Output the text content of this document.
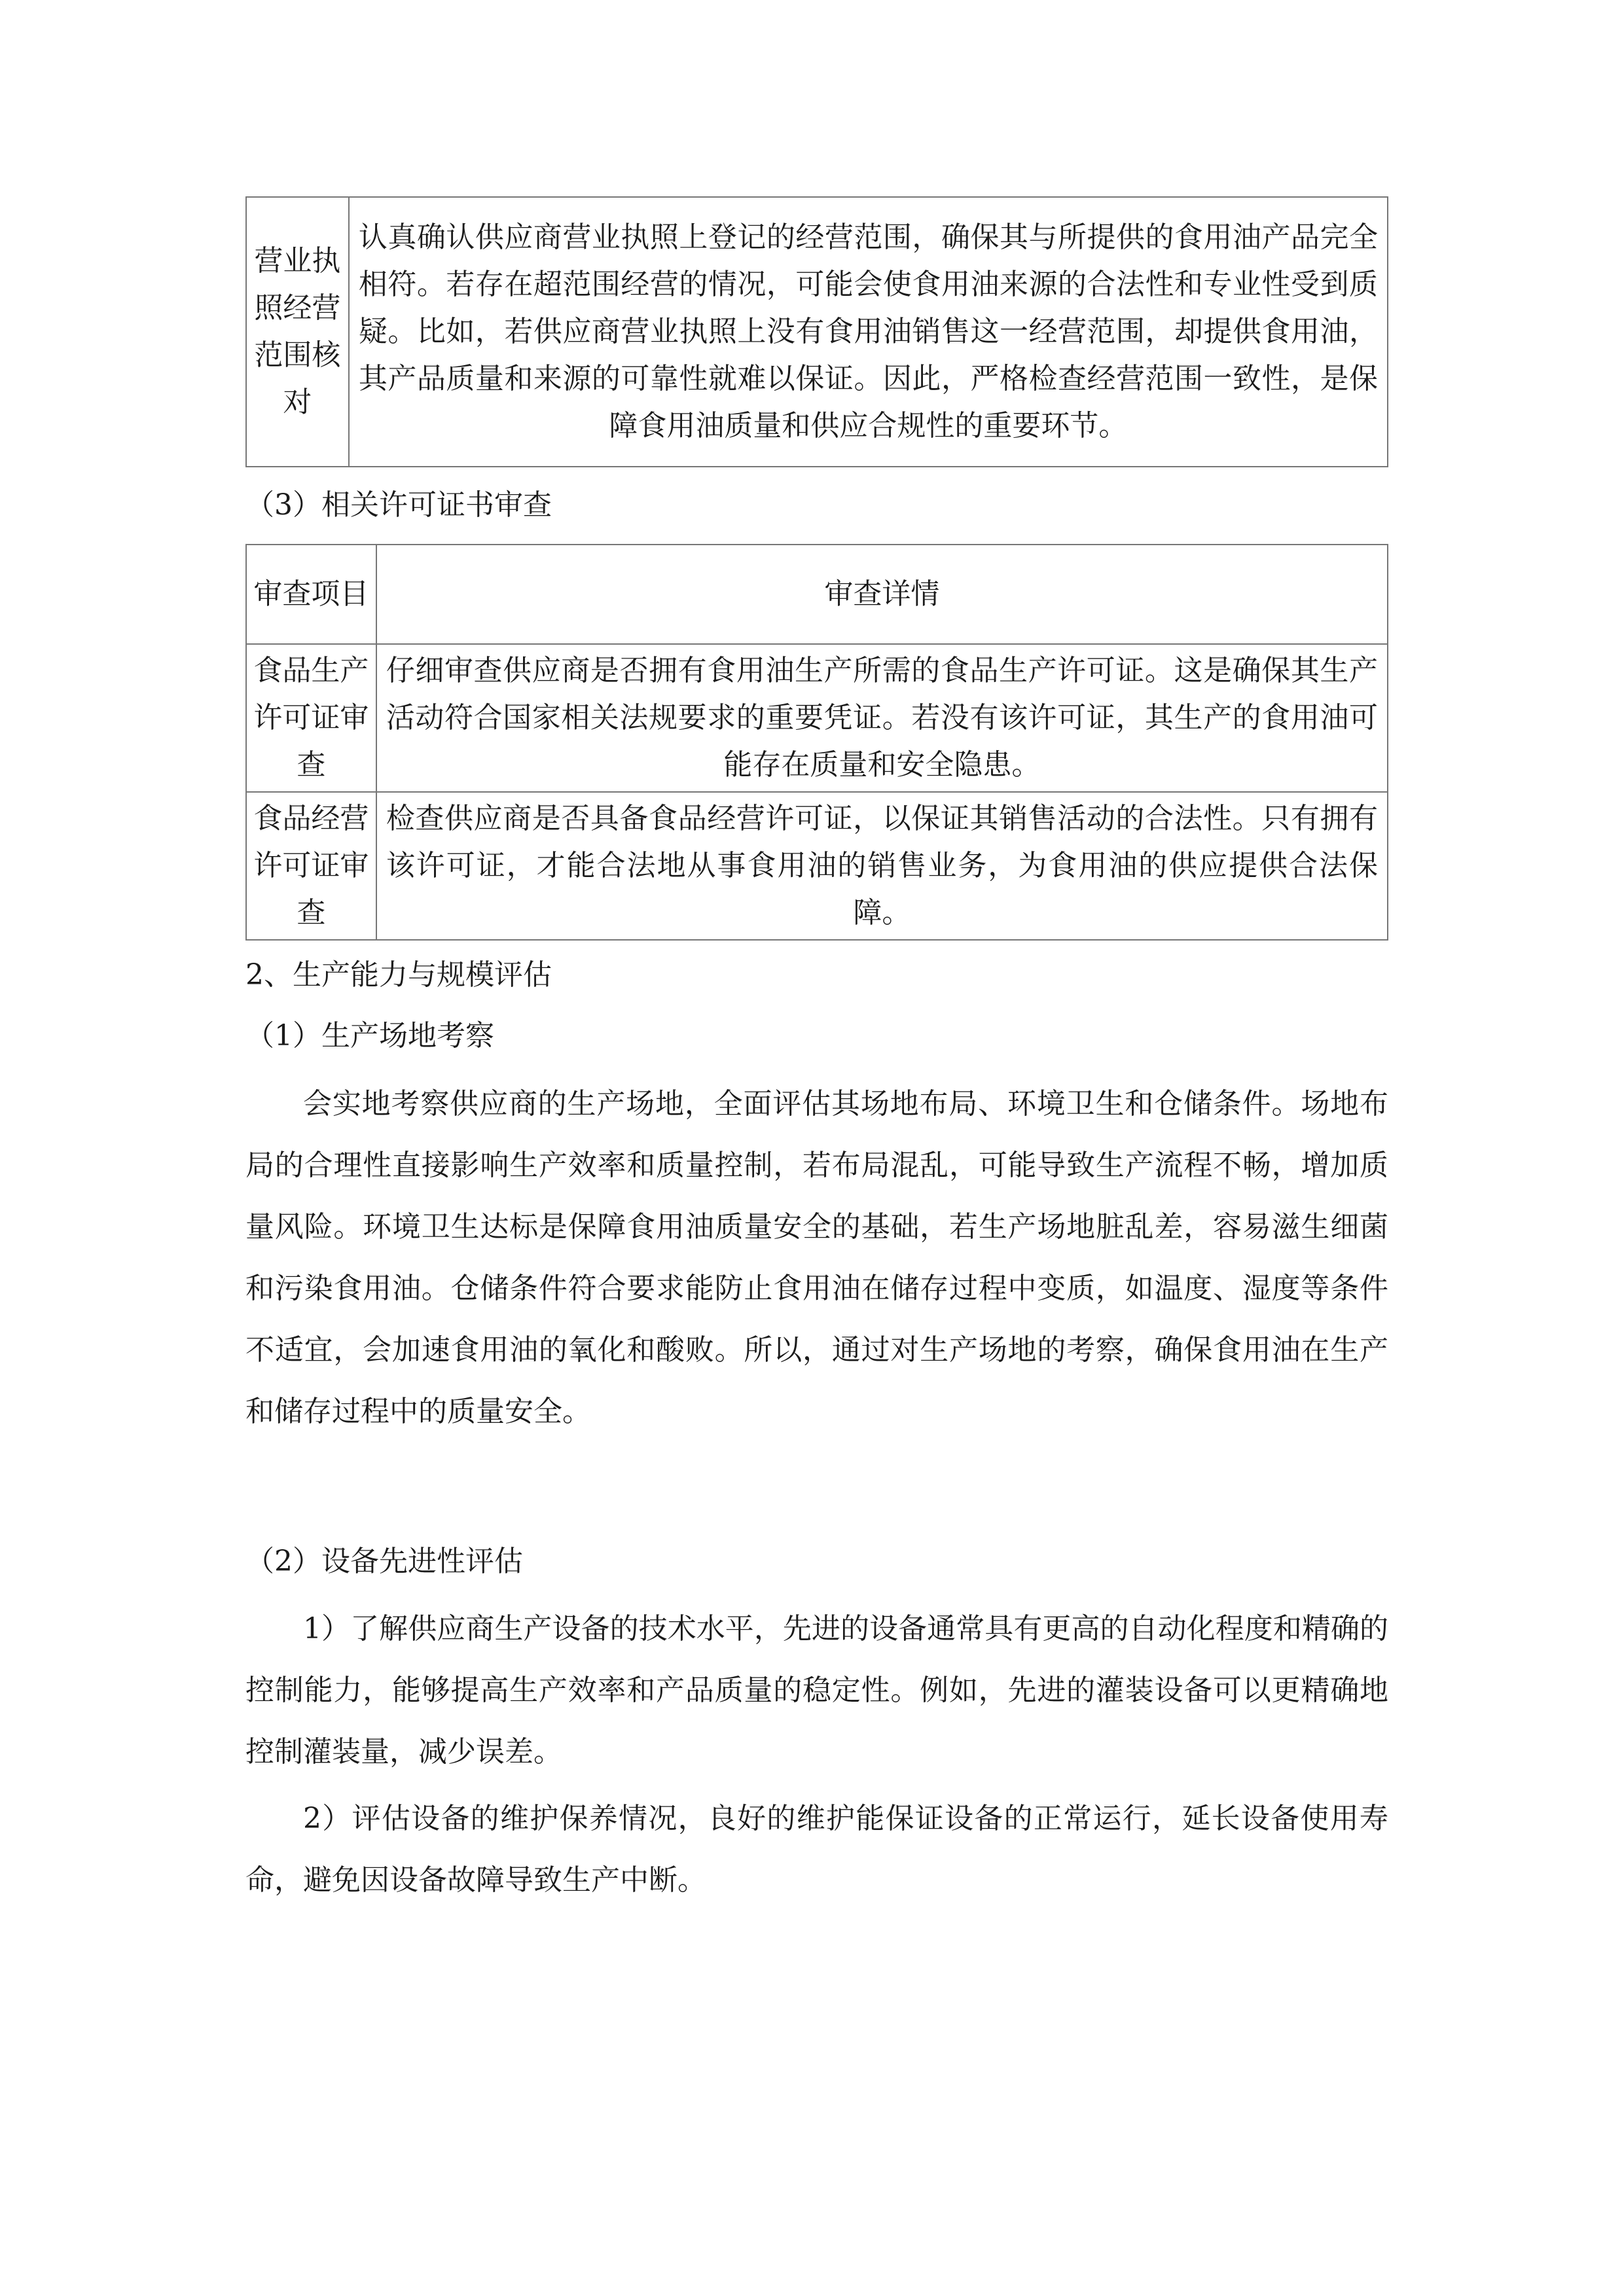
营业执照经营范围核对	认真确认供应商营业执照上登记的经营范围，确保其与所提供的食用油产品完全相符。若存在超范围经营的情况，可能会使食用油来源的合法性和专业性受到质疑。比如，若供应商营业执照上没有食用油销售这一经营范围，却提供食用油，其产品质量和来源的可靠性就难以保证。因此，严格检查经营范围一致性，是保障食用油质量和供应合规性的重要环节。
（3）相关许可证书审查
审查项目	审查详情
食品生产许可证审查	仔细审查供应商是否拥有食用油生产所需的食品生产许可证。这是确保其生产活动符合国家相关法规要求的重要凭证。若没有该许可证，其生产的食用油可能存在质量和安全隐患。
食品经营许可证审查	检查供应商是否具备食品经营许可证，以保证其销售活动的合法性。只有拥有该许可证，才能合法地从事食用油的销售业务，为食用油的供应提供合法保障。
2、生产能力与规模评估
（1）生产场地考察

会实地考察供应商的生产场地，全面评估其场地布局、环境卫生和仓储条件。场地布局的合理性直接影响生产效率和质量控制，若布局混乱，可能导致生产流程不畅，增加质量风险。环境卫生达标是保障食用油质量安全的基础，若生产场地脏乱差，容易滋生细菌和污染食用油。仓储条件符合要求能防止食用油在储存过程中变质，如温度、湿度等条件不适宜，会加速食用油的氧化和酸败。所以，通过对生产场地的考察，确保食用油在生产和储存过程中的质量安全。

（2）设备先进性评估

1）了解供应商生产设备的技术水平，先进的设备通常具有更高的自动化程度和精确的控制能力，能够提高生产效率和产品质量的稳定性。例如，先进的灌装设备可以更精确地控制灌装量，减少误差。

2）评估设备的维护保养情况，良好的维护能保证设备的正常运行，延长设备使用寿命，避免因设备故障导致生产中断。
